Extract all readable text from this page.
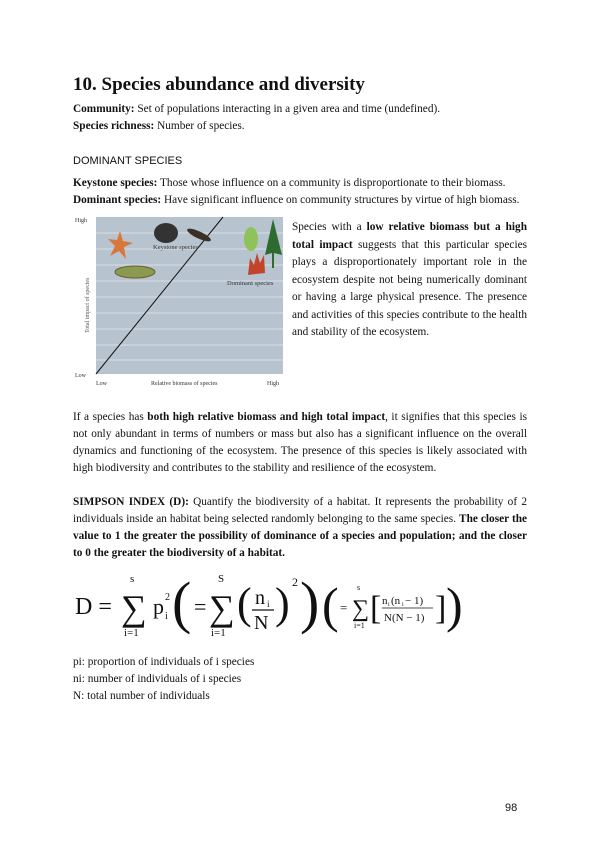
10. Species abundance and diversity
Community: Set of populations interacting in a given area and time (undefined).
Species richness: Number of species.
DOMINANT SPECIES
Keystone species: Those whose influence on a community is disproportionate to their biomass.
Dominant species: Have significant influence on community structures by virtue of high biomass.
Keystone species
Dominant species
High
Low
Total impact of species
Low	Relative biomass of species	High
Species with a low relative biomass but a high total impact suggests that this particular species plays a disproportionately important role in the ecosystem despite not being numerically dominant or having a large physical presence. The presence and activities of this species contribute to the health and stability of the ecosystem.
If a species has both high relative biomass and high total impact, it signifies that this species is not only abundant in terms of numbers or mass but also has a significant influence on the overall dynamics and functioning of the ecosystem. The presence of this species is likely associated with high biodiversity and contributes to the stability and resilience of the ecosystem.
SIMPSON INDEX (D): Quantify the biodiversity of a habitat. It represents the probability of 2 individuals inside an habitat being selected randomly belonging to the same species. The closer the value to 1 the greater the possibility of dominance of a species and population; and the closer to 0 the greater the biodiversity of a habitat.
D = ∑
s
i=1
p i
2 ( = ∑
S
i=1
( n i
N ) 2 ) ( = ∑
s
i=1 [ n i (n i − 1)
N(N − 1) ] )
pi: proportion of individuals of i species
ni: number of individuals of i species
N: total number of individuals
98
